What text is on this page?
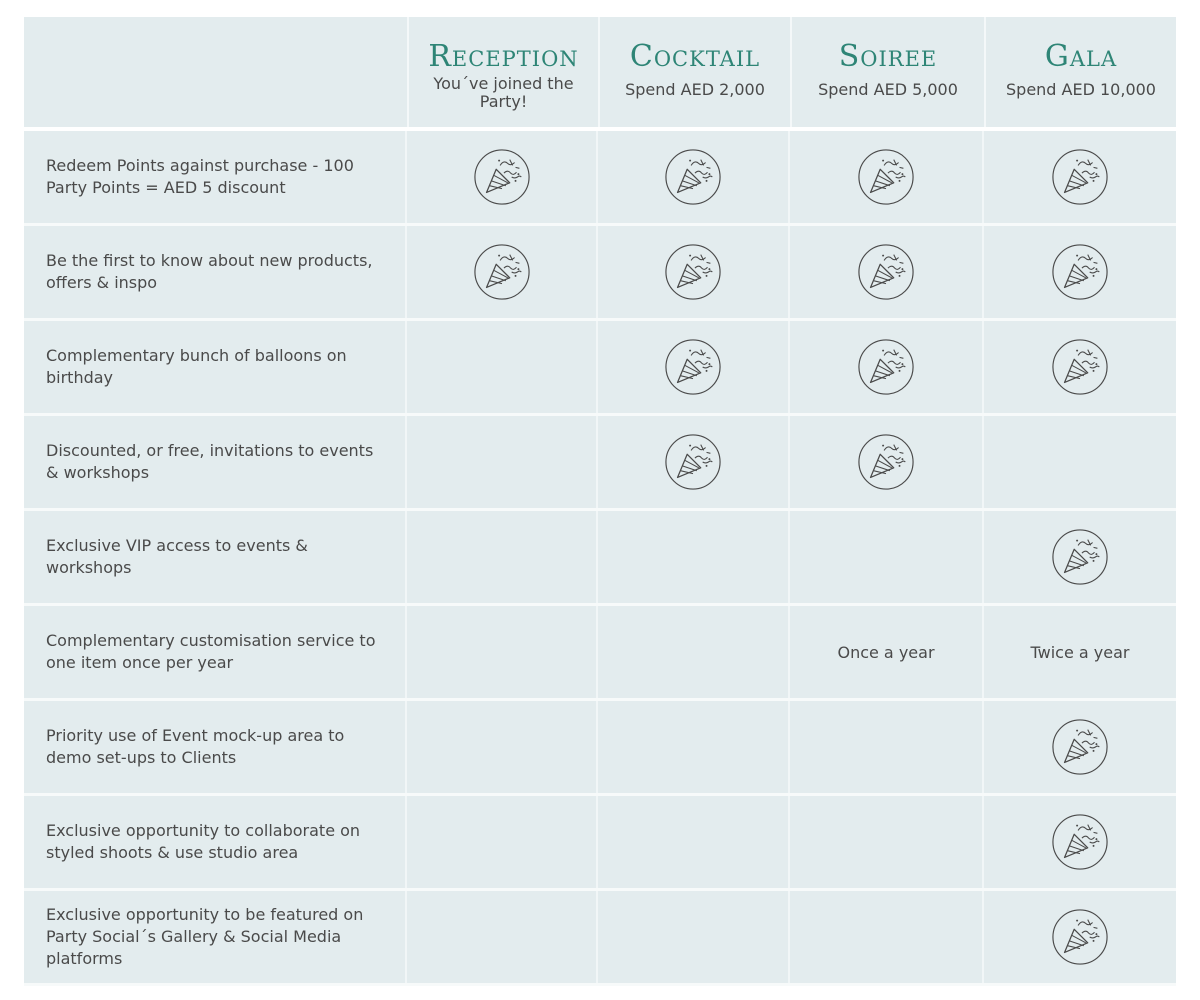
Reception
You´ve joined the Party!
Cocktail
Spend AED 2,000
Soiree
Spend AED 5,000
Gala
Spend AED 10,000
Redeem Points against purchase - 100 Party Points = AED 5 discount
Be the first to know about new products, offers & inspo
Complementary bunch of balloons on birthday
Discounted, or free, invitations to events & workshops
Exclusive VIP access to events & workshops
Complementary customisation service to one item once per year
Once a year	Twice a year
Priority use of Event mock-up area to demo set-ups to Clients
Exclusive opportunity to collaborate on styled shoots & use studio area
Exclusive opportunity to be featured on Party Social´s Gallery & Social Media platforms
